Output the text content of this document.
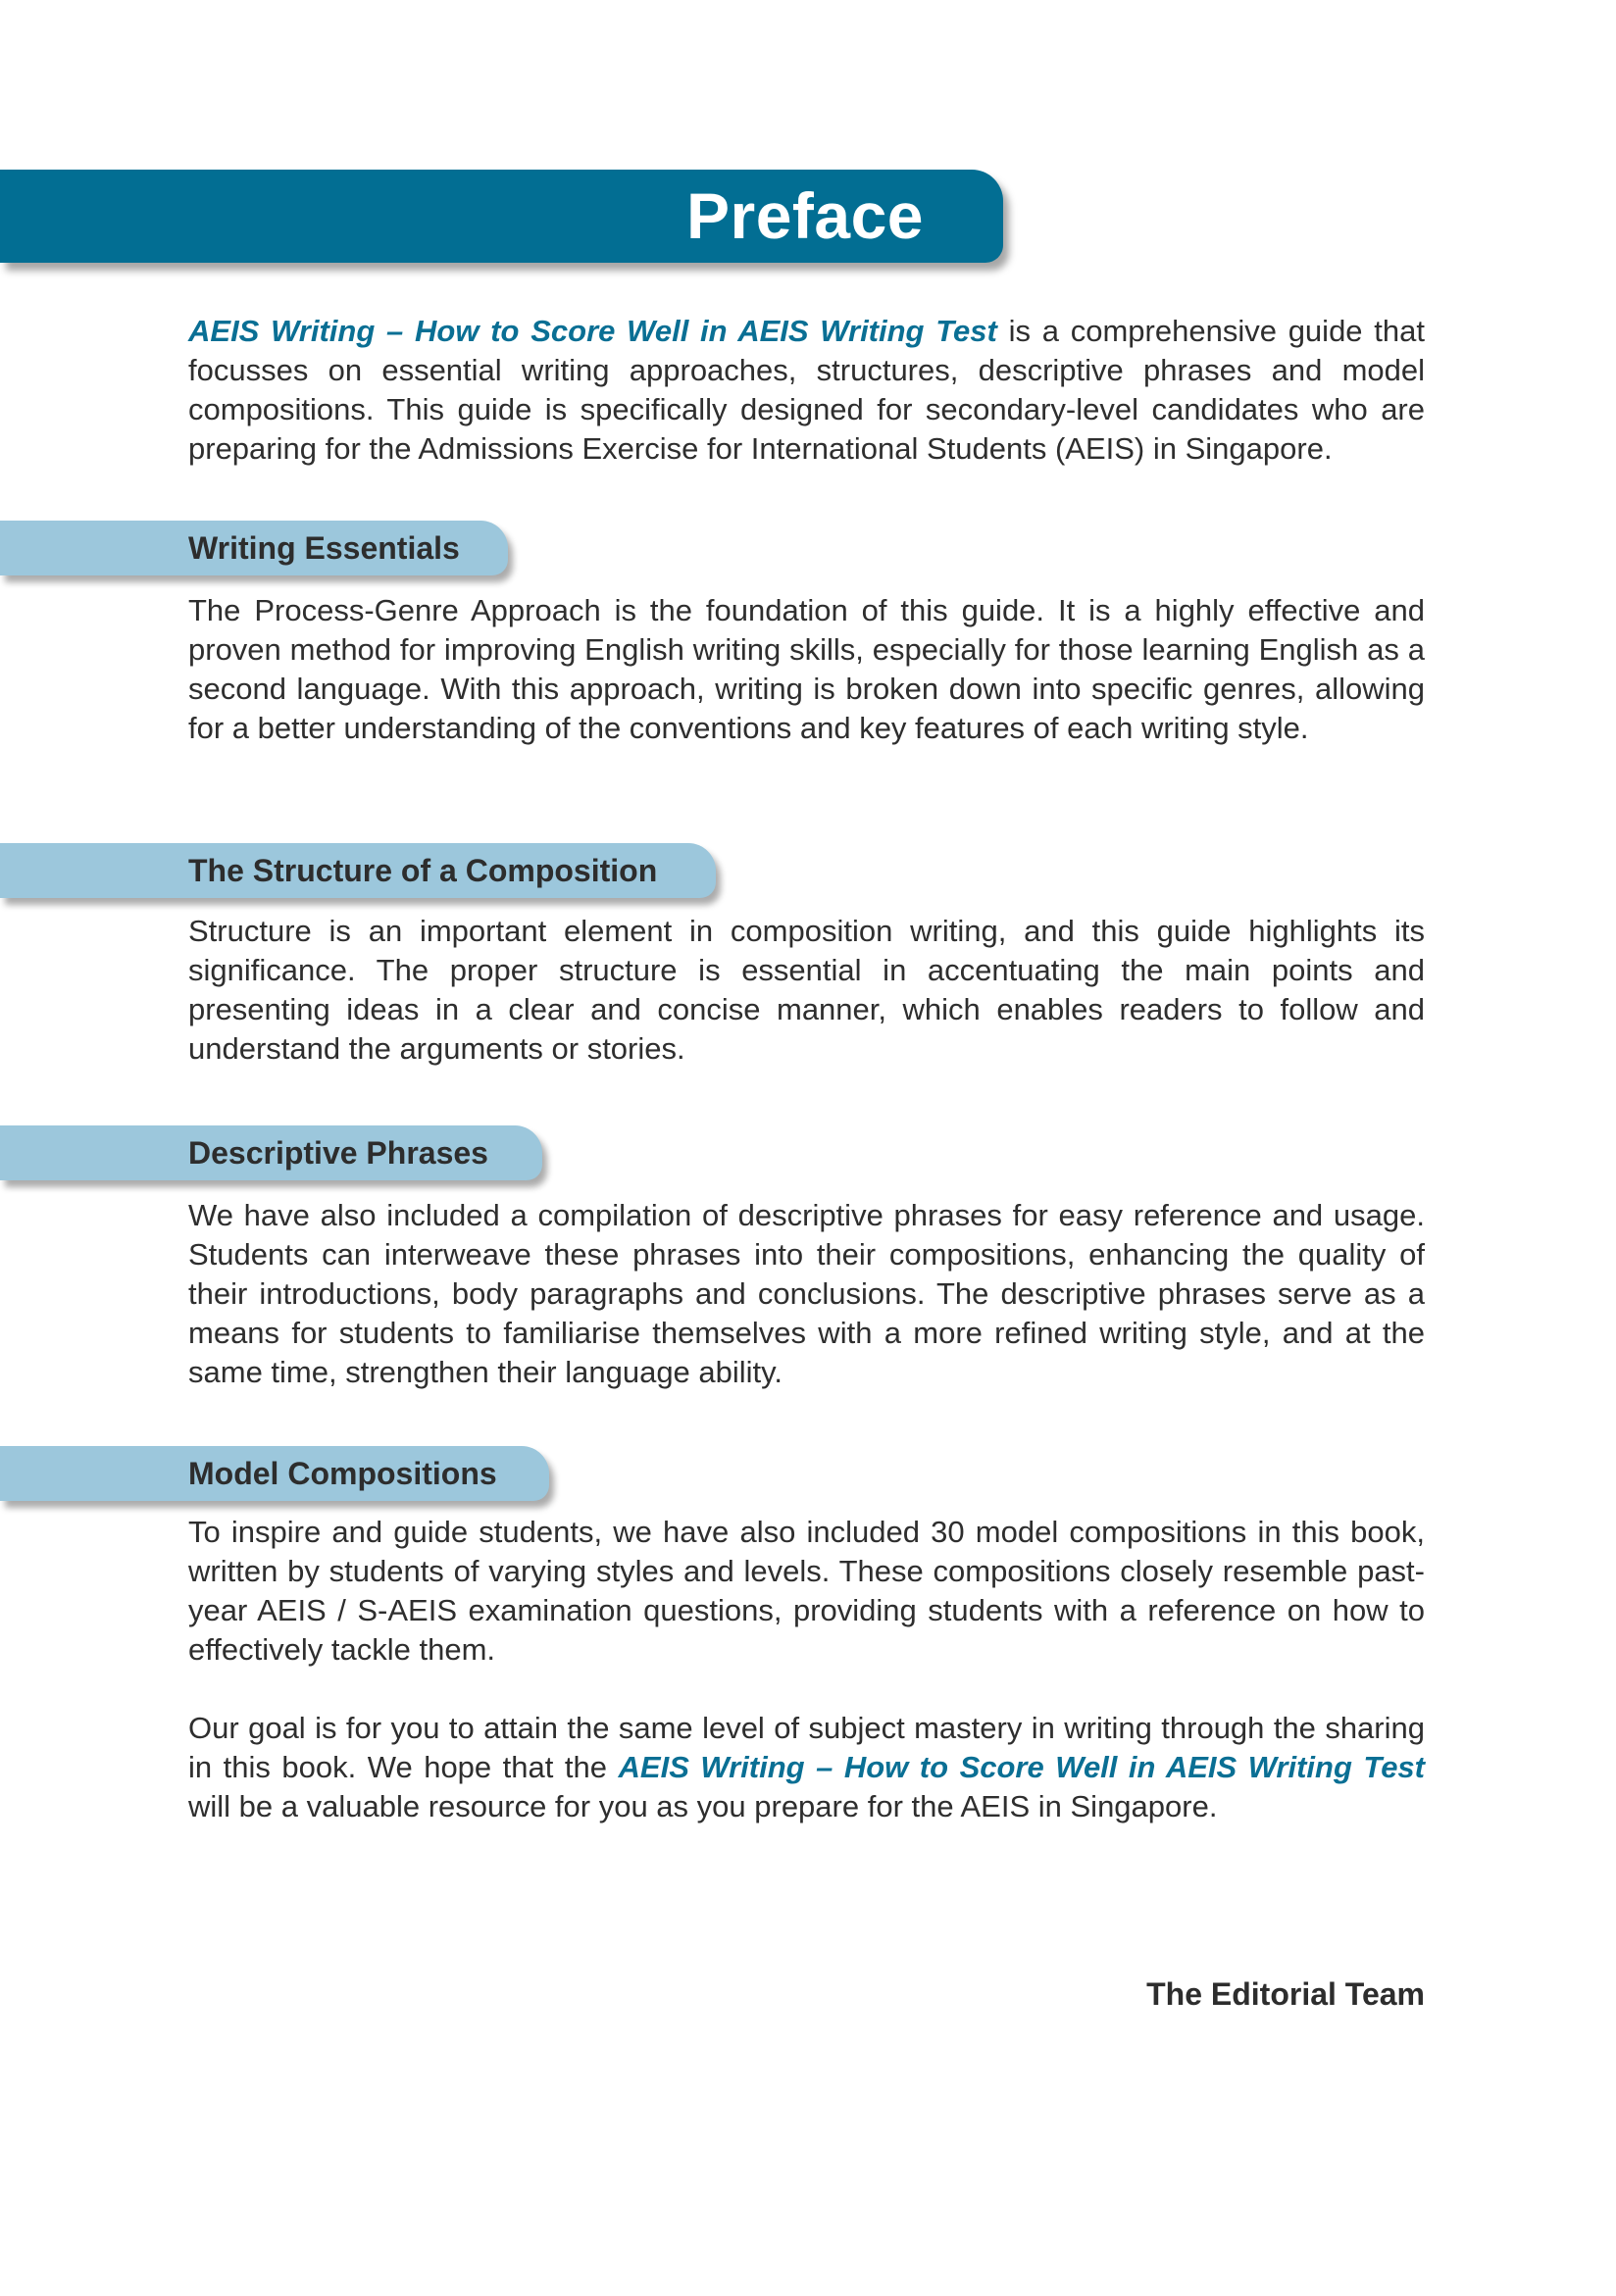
Preface

AEIS Writing – How to Score Well in AEIS Writing Test is a comprehensive guide that focusses on essential writing approaches, structures, descriptive phrases and model compositions. This guide is specifically designed for secondary-level candidates who are preparing for the Admissions Exercise for International Students (AEIS) in Singapore.

Writing Essentials

The Process-Genre Approach is the foundation of this guide. It is a highly effective and proven method for improving English writing skills, especially for those learning English as a second language. With this approach, writing is broken down into specific genres, allowing for a better understanding of the conventions and key features of each writing style.

The Structure of a Composition

Structure is an important element in composition writing, and this guide highlights its significance. The proper structure is essential in accentuating the main points and presenting ideas in a clear and concise manner, which enables readers to follow and understand the arguments or stories.

Descriptive Phrases

We have also included a compilation of descriptive phrases for easy reference and usage. Students can interweave these phrases into their compositions, enhancing the quality of their introductions, body paragraphs and conclusions. The descriptive phrases serve as a means for students to familiarise themselves with a more refined writing style, and at the same time, strengthen their language ability.

Model Compositions

To inspire and guide students, we have also included 30 model compositions in this book, written by students of varying styles and levels. These compositions closely resemble past-year AEIS / S-AEIS examination questions, providing students with a reference on how to effectively tackle them.

Our goal is for you to attain the same level of subject mastery in writing through the sharing in this book. We hope that the AEIS Writing – How to Score Well in AEIS Writing Test will be a valuable resource for you as you prepare for the AEIS in Singapore.

The Editorial Team
